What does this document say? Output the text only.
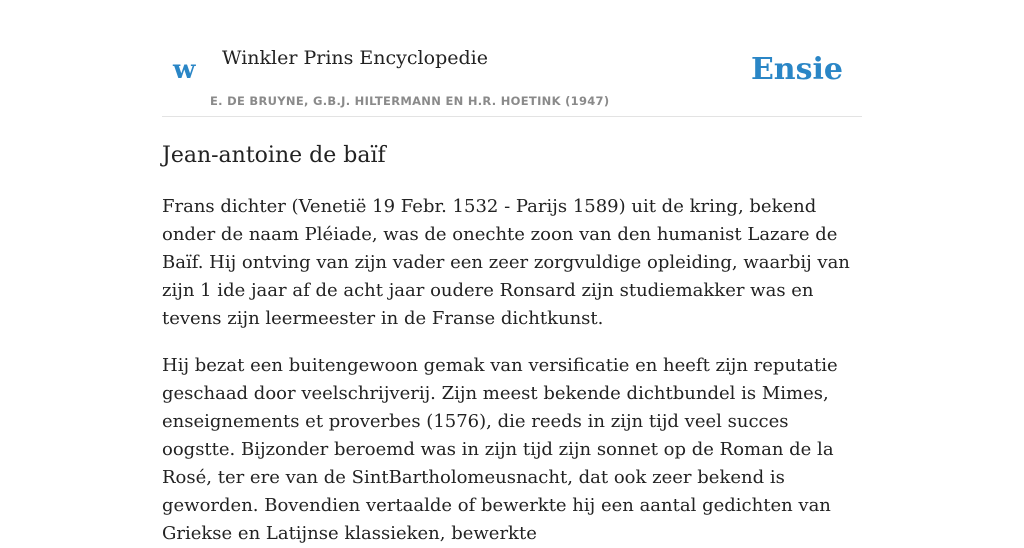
w Winkler Prins Encyclopedie
E. DE BRUYNE, G.B.J. HILTERMANN EN H.R. HOETINK (1947)
Ensie
Jean-antoine de baïf

Frans dichter (Venetië 19 Febr. 1532 - Parijs 1589) uit de kring, bekend onder de naam Pléiade, was de onechte zoon van den humanist Lazare de Baïf. Hij ontving van zijn vader een zeer zorgvuldige opleiding, waarbij van zijn 1 ide jaar af de acht jaar oudere Ronsard zijn studiemakker was en tevens zijn leermeester in de Franse dichtkunst.

Hij bezat een buitengewoon gemak van versificatie en heeft zijn reputatie geschaad door veelschrijverij. Zijn meest bekende dichtbundel is Mimes, enseignements et proverbes (1576), die reeds in zijn tijd veel succes oogstte. Bijzonder beroemd was in zijn tijd zijn sonnet op de Roman de la Rosé, ter ere van de SintBartholomeusnacht, dat ook zeer bekend is geworden. Bovendien vertaalde of bewerkte hij een aantal gedichten van Griekse en Latijnse klassieken, bewerkte
